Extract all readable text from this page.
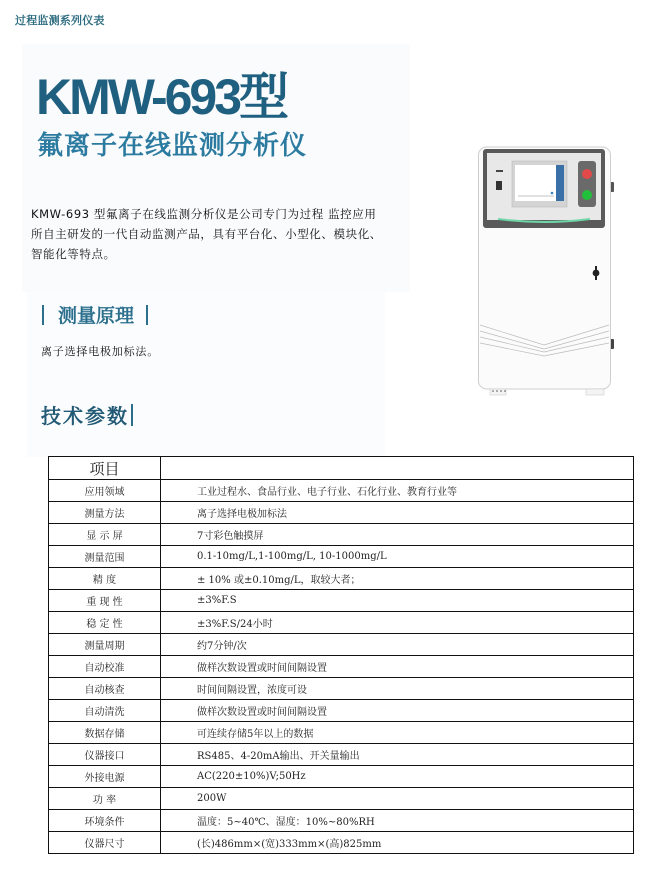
过程监测系列仪表
KMW-693型
氟离子在线监测分析仪
KMW-693 型氟离子在线监测分析仪是公司专门为过程 监控应用所自主研发的一代自动监测产品，具有平台化、小型化、模块化、 智能化等特点。
测量原理
离子选择电极加标法。
技术参数
项目	
应用领域	工业过程水、食品行业、电子行业、石化行业、教育行业等
测量方法	离子选择电极加标法
显 示 屏	7寸彩色触摸屏
测量范围	0.1-10mg/L,1-100mg/L, 10-1000mg/L
精 度	± 10% 或±0.10mg/L，取较大者；
重 现 性	±3%F.S
稳 定 性	±3%F.S/24小时
测量周期	约7分钟/次
自动校准	做样次数设置或时间间隔设置
自动核查	时间间隔设置，浓度可设
自动清洗	做样次数设置或时间间隔设置
数据存储	可连续存储5年以上的数据
仪器接口	RS485、4-20mA输出、开关量输出
外接电源	AC(220±10%)V;50Hz
功 率	200W
环境条件	温度：5~40℃、湿度：10%~80%RH
仪器尺寸	(长)486mm×(宽)333mm×(高)825mm
